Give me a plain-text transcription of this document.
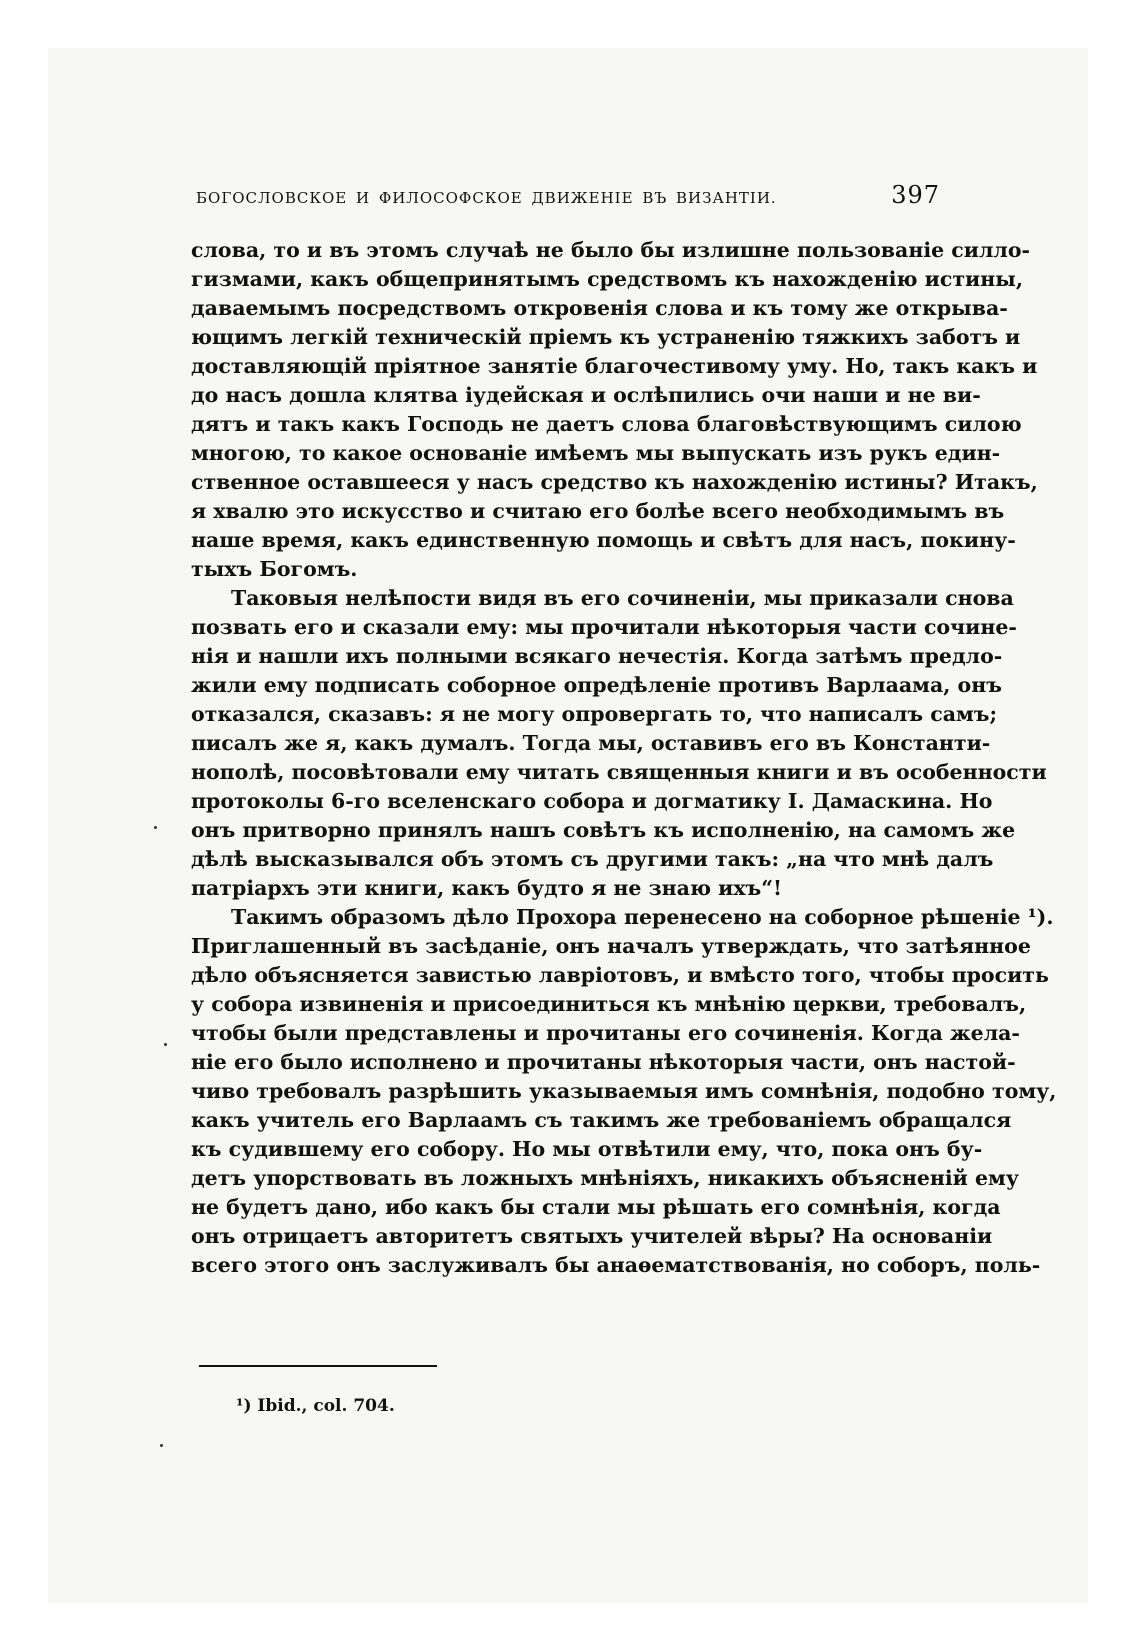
БОГОСЛОВСКОЕ И ФИЛОСОФСКОЕ ДВИЖЕНІЕ ВЪ ВИЗАНТІИ.	397
слова, то и въ этомъ случаѣ не было бы излишне пользованіе силло-
гизмами, какъ общепринятымъ средствомъ къ нахожденію истины,
даваемымъ посредствомъ откровенія слова и къ тому же открыва-
ющимъ легкій техническій пріемъ къ устраненію тяжкихъ заботъ и
доставляющій пріятное занятіе благочестивому уму. Но, такъ какъ и
до насъ дошла клятва іудейская и ослѣпились очи наши и не ви-
дятъ и такъ какъ Господь не даетъ слова благовѣствующимъ силою
многою, то какое основаніе имѣемъ мы выпускать изъ рукъ един-
ственное оставшееся у насъ средство къ нахожденію истины? Итакъ,
я хвалю это искусство и считаю его болѣе всего необходимымъ въ
наше время, какъ единственную помощь и свѣтъ для насъ, покину-
тыхъ Богомъ.
Таковыя нелѣпости видя въ его сочиненіи, мы приказали снова
позвать его и сказали ему: мы прочитали нѣкоторыя части сочине-
нія и нашли ихъ полными всякаго нечестія. Когда затѣмъ предло-
жили ему подписать соборное опредѣленіе противъ Варлаама, онъ
отказался, сказавъ: я не могу опровергать то, что написалъ самъ;
писалъ же я, какъ думалъ. Тогда мы, оставивъ его въ Константи-
нополѣ, посовѣтовали ему читать священныя книги и въ особенности
протоколы 6-го вселенскаго собора и догматику І. Дамаскина. Но
онъ притворно принялъ нашъ совѣтъ къ исполненію, на самомъ же
дѣлѣ высказывался объ этомъ съ другими такъ: „на что мнѣ далъ
патріархъ эти книги, какъ будто я не знаю ихъ“!
Такимъ образомъ дѣло Прохора перенесено на соборное рѣшеніе ¹).
Приглашенный въ засѣданіе, онъ началъ утверждать, что затѣянное
дѣло объясняется завистью лавріотовъ, и вмѣсто того, чтобы просить
у собора извиненія и присоединиться къ мнѣнію церкви, требовалъ,
чтобы были представлены и прочитаны его сочиненія. Когда жела-
ніе его было исполнено и прочитаны нѣкоторыя части, онъ настой-
чиво требовалъ разрѣшить указываемыя имъ сомнѣнія, подобно тому,
какъ учитель его Варлаамъ съ такимъ же требованіемъ обращался
къ судившему его собору. Но мы отвѣтили ему, что, пока онъ бу-
детъ упорствовать въ ложныхъ мнѣніяхъ, никакихъ объясненій ему
не будетъ дано, ибо какъ бы стали мы рѣшать его сомнѣнія, когда
онъ отрицаетъ авторитетъ святыхъ учителей вѣры? На основаніи
всего этого онъ заслуживалъ бы анаѳематствованія, но соборъ, поль-
¹) Ibid., col. 704.
